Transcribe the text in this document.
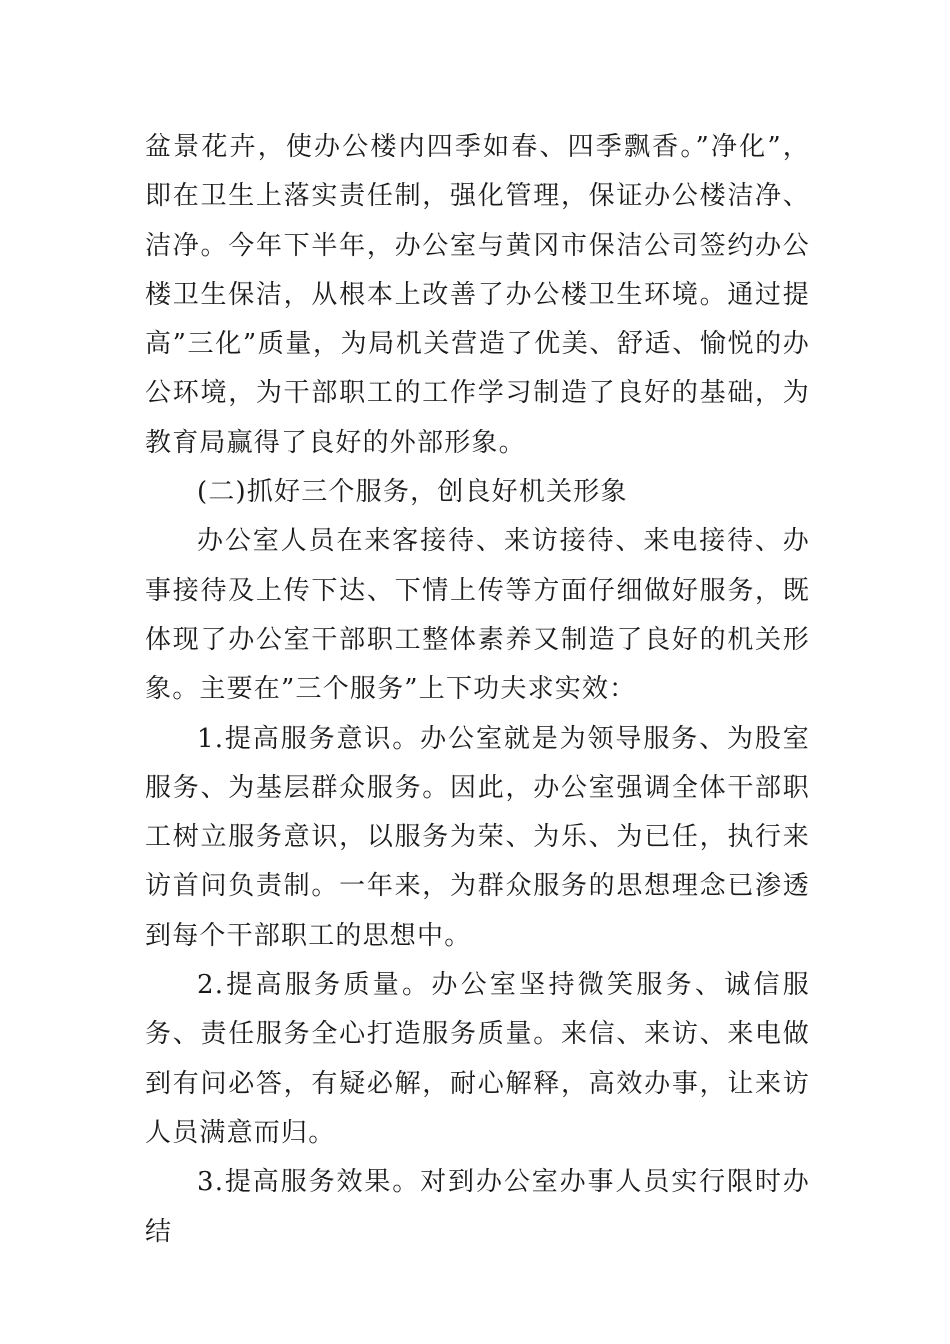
盆景花卉，使办公楼内四季如春、四季飘香。”净化”，即在卫生上落实责任制，强化管理，保证办公楼洁净、洁净。今年下半年，办公室与黄冈市保洁公司签约办公楼卫生保洁，从根本上改善了办公楼卫生环境。通过提高”三化”质量，为局机关营造了优美、舒适、愉悦的办公环境，为干部职工的工作学习制造了良好的基础，为教育局赢得了良好的外部形象。

(二)抓好三个服务，创良好机关形象

办公室人员在来客接待、来访接待、来电接待、办事接待及上传下达、下情上传等方面仔细做好服务，既体现了办公室干部职工整体素养又制造了良好的机关形象。主要在”三个服务”上下功夫求实效：

1.提高服务意识。办公室就是为领导服务、为股室服务、为基层群众服务。因此，办公室强调全体干部职工树立服务意识，以服务为荣、为乐、为已任，执行来访首问负责制。一年来，为群众服务的思想理念已渗透到每个干部职工的思想中。

2.提高服务质量。办公室坚持微笑服务、诚信服务、责任服务全心打造服务质量。来信、来访、来电做到有问必答，有疑必解，耐心解释，高效办事，让来访人员满意而归。

3.提高服务效果。对到办公室办事人员实行限时办结
